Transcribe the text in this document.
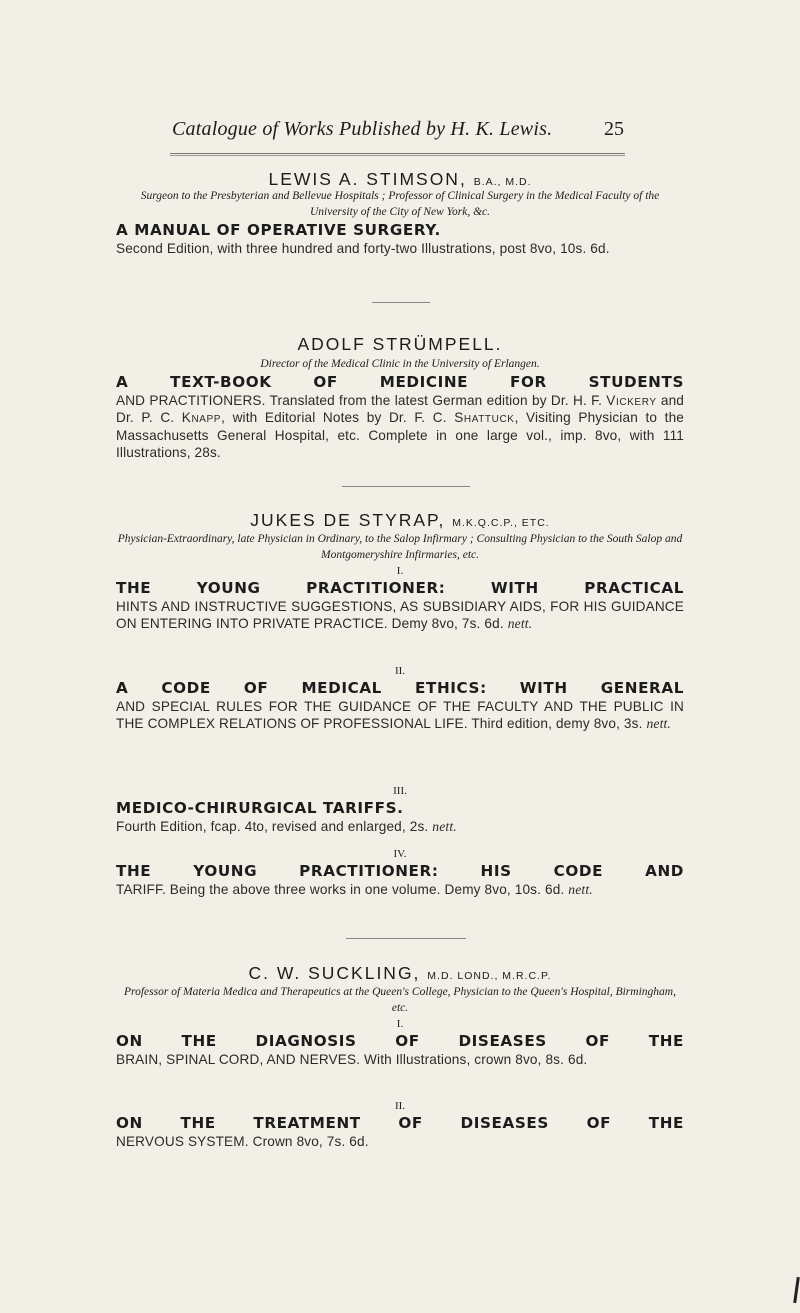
Catalogue of Works Published by H. K. Lewis.	25
LEWIS A. STIMSON, B.A., M.D.
Surgeon to the Presbyterian and Bellevue Hospitals ; Professor of Clinical Surgery in the Medical Faculty of the University of the City of New York, &c.
A MANUAL OF OPERATIVE SURGERY.
Second Edition, with three hundred and forty-two Illustrations, post 8vo, 10s. 6d.
ADOLF STRÜMPELL.
Director of the Medical Clinic in the University of Erlangen.
A TEXT-BOOK OF MEDICINE FOR STUDENTS
AND PRACTITIONERS. Translated from the latest German edition by Dr. H. F. Vickery and Dr. P. C. Knapp, with Editorial Notes by Dr. F. C. Shattuck, Visiting Physician to the Massachusetts General Hospital, etc. Complete in one large vol., imp. 8vo, with 111 Illustrations, 28s.
JUKES DE STYRAP, M.K.Q.C.P., ETC.
Physician-Extraordinary, late Physician in Ordinary, to the Salop Infirmary ; Consulting Physician to the South Salop and Montgomeryshire Infirmaries, etc.
I.
THE YOUNG PRACTITIONER: WITH PRACTICAL
HINTS AND INSTRUCTIVE SUGGESTIONS, AS SUBSIDIARY AIDS, FOR HIS GUIDANCE ON ENTERING INTO PRIVATE PRACTICE. Demy 8vo, 7s. 6d. nett.
II.
A CODE OF MEDICAL ETHICS: WITH GENERAL
AND SPECIAL RULES FOR THE GUIDANCE OF THE FACULTY AND THE PUBLIC IN THE COMPLEX RELATIONS OF PROFESSIONAL LIFE. Third edition, demy 8vo, 3s. nett.
III.
MEDICO-CHIRURGICAL TARIFFS.
Fourth Edition, fcap. 4to, revised and enlarged, 2s. nett.
IV.
THE YOUNG PRACTITIONER: HIS CODE AND
TARIFF. Being the above three works in one volume. Demy 8vo, 10s. 6d. nett.
C. W. SUCKLING, M.D. LOND., M.R.C.P.
Professor of Materia Medica and Therapeutics at the Queen's College, Physician to the Queen's Hospital, Birmingham, etc.
I.
ON THE DIAGNOSIS OF DISEASES OF THE
BRAIN, SPINAL CORD, AND NERVES. With Illustrations, crown 8vo, 8s. 6d.
II.
ON THE TREATMENT OF DISEASES OF THE
NERVOUS SYSTEM. Crown 8vo, 7s. 6d.
